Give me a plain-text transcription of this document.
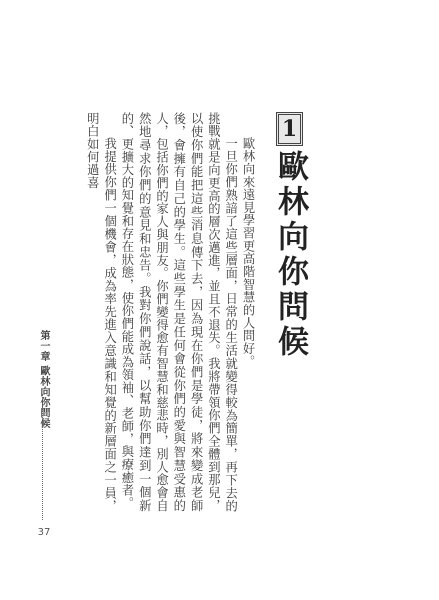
1
歐林向你問候

歐林向來遠見學習更高階智慧的人問好。

一旦你們熟諳了這些層面，日常的生活就變得較為簡單，再下去的挑戰就是向更高的層次邁進，並且不退失。我將帶領你們全體到那兒，以使你們能把這些消息傳下去，因為現在你們是學徒，將來變成老師後，會擁有自己的學生。這些學生是任何會從你們的愛與智慧受惠的人，包括你們的家人與朋友。你們變得愈有智慧和慈悲時，別人愈會自然地尋求你們的意見和忠告。我對你們說話，以幫助你們達到一個新的、更擴大的知覺和存在狀態，使你們能成為領袖、老師，與療癒者。

我提供你們一個機會，成為率先進入意識和知覺的新層面之一員，明白如何過喜

第一章 歐林向你問候
37
